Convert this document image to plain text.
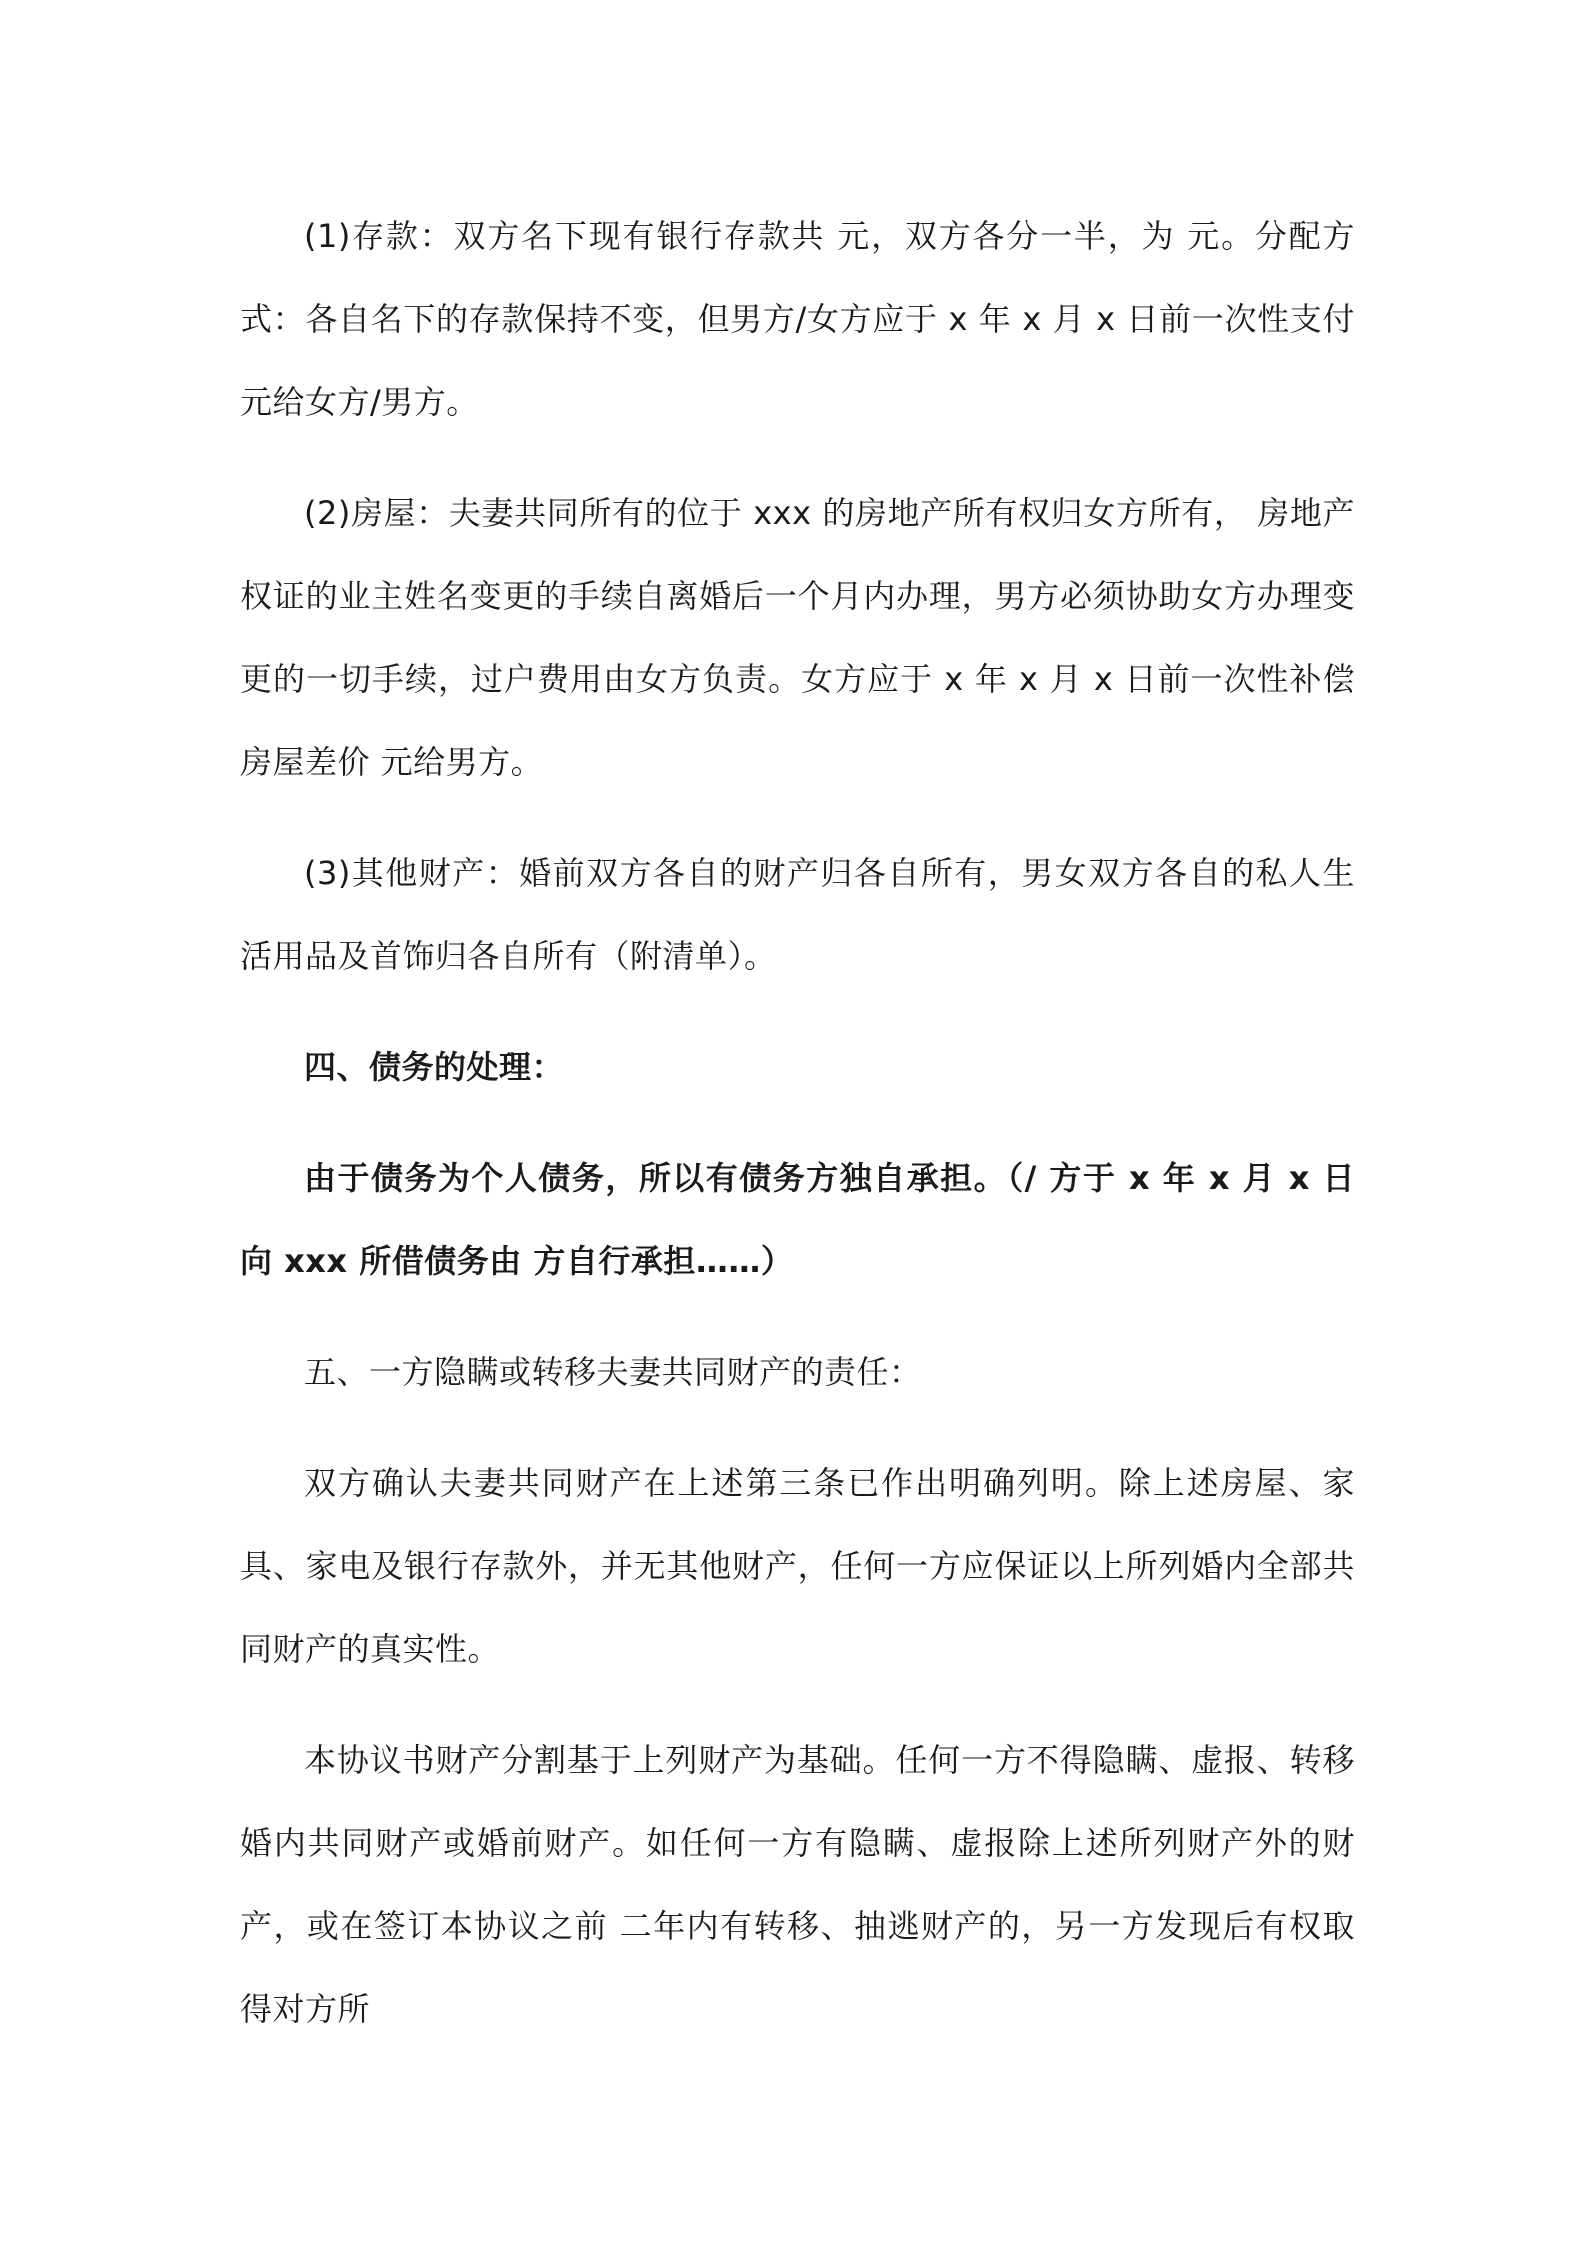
(1)存款：双方名下现有银行存款共 元，双方各分一半，为 元。分配方式：各自名下的存款保持不变，但男方/女方应于 x 年 x 月 x 日前一次性支付 元给女方/男方。

(2)房屋：夫妻共同所有的位于 xxx 的房地产所有权归女方所有， 房地产权证的业主姓名变更的手续自离婚后一个月内办理，男方必须协助女方办理变更的一切手续，过户费用由女方负责。女方应于 x 年 x 月 x 日前一次性补偿房屋差价 元给男方。

(3)其他财产：婚前双方各自的财产归各自所有，男女双方各自的私人生活用品及首饰归各自所有（附清单）。

四、债务的处理：

由于债务为个人债务，所以有债务方独自承担。（/ 方于 x 年 x 月 x 日向 xxx 所借债务由 方自行承担……）

五、一方隐瞒或转移夫妻共同财产的责任：

双方确认夫妻共同财产在上述第三条已作出明确列明。除上述房屋、家具、家电及银行存款外，并无其他财产，任何一方应保证以上所列婚内全部共同财产的真实性。

本协议书财产分割基于上列财产为基础。任何一方不得隐瞒、虚报、转移婚内共同财产或婚前财产。如任何一方有隐瞒、虚报除上述所列财产外的财产，或在签订本协议之前 二年内有转移、抽逃财产的，另一方发现后有权取得对方所
